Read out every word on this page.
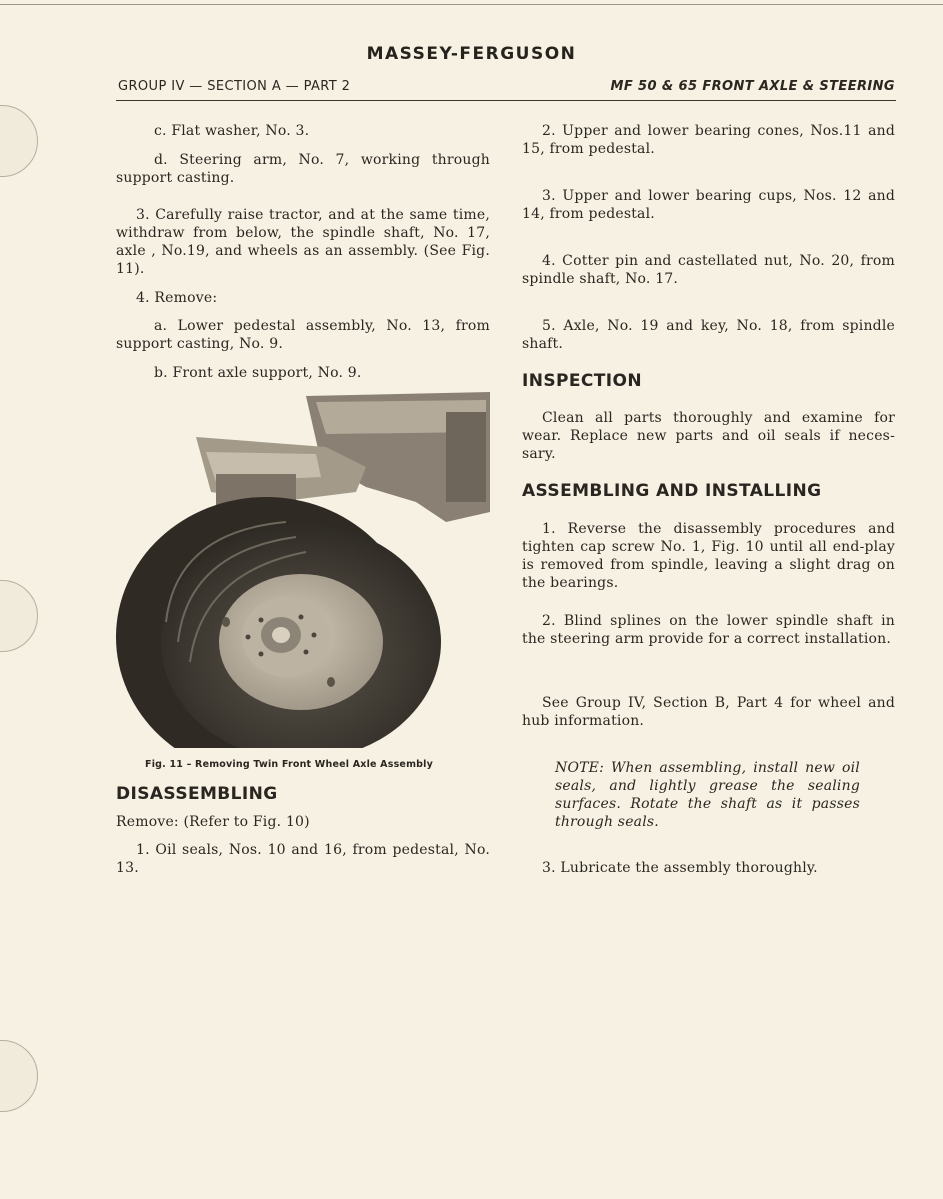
MASSEY-FERGUSON
GROUP IV — SECTION A — PART 2	MF 50 & 65 FRONT AXLE & STEERING

c. Flat washer, No. 3.

d. Steering arm, No. 7, working through support casting.

3. Carefully raise tractor, and at the same time, withdraw from below, the spindle shaft, No. 17, axle , No.19, and wheels as an assembly. (See Fig. 11).

4. Remove:

a. Lower pedestal assembly, No. 13, from support casting, No. 9.

b. Front axle support, No. 9.

Fig. 11 – Removing Twin Front Wheel Axle Assembly
DISASSEMBLING

Remove: (Refer to Fig. 10)

1. Oil seals, Nos. 10 and 16, from pedestal, No. 13.

2. Upper and lower bearing cones, Nos.11 and 15, from pedestal.

3. Upper and lower bearing cups, Nos. 12 and 14, from pedestal.

4. Cotter pin and castellated nut, No. 20, from spindle shaft, No. 17.

5. Axle, No. 19 and key, No. 18, from spindle shaft.

INSPECTION

Clean all parts thoroughly and examine for wear. Replace new parts and oil seals if neces-sary.

ASSEMBLING AND INSTALLING

1. Reverse the disassembly procedures and tighten cap screw No. 1, Fig. 10 until all end-play is removed from spindle, leaving a slight drag on the bearings.

2. Blind splines on the lower spindle shaft in the steering arm provide for a correct installation.

See Group IV, Section B, Part 4 for wheel and hub information.

NOTE: When assembling, install new oil seals, and lightly grease the sealing surfaces. Rotate the shaft as it passes through seals.

3. Lubricate the assembly thoroughly.
